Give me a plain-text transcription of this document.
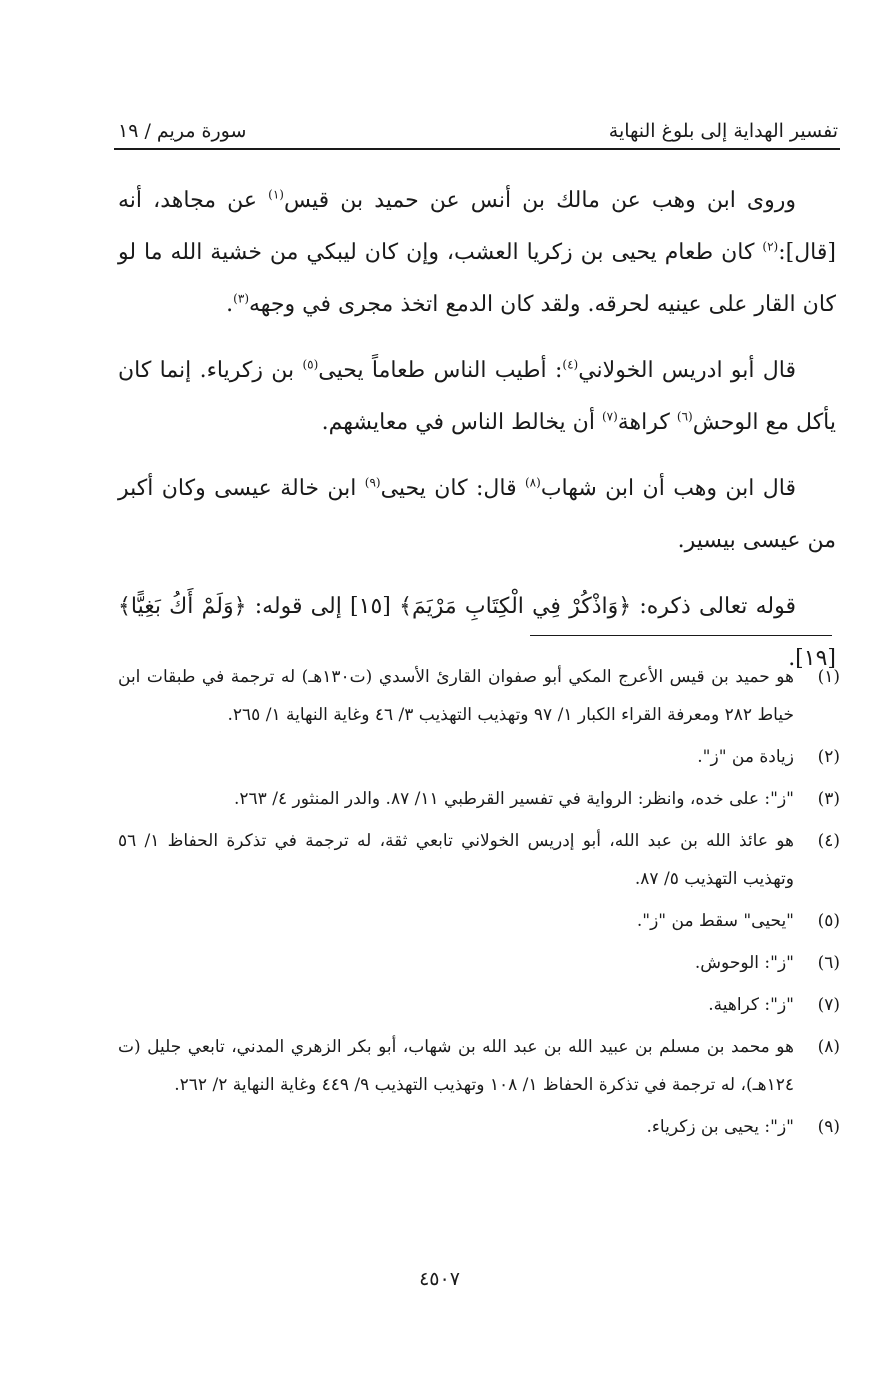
تفسير الهداية إلى بلوغ النهاية
سورة مريم / ١٩

وروى ابن وهب عن مالك بن أنس عن حميد بن قيس$^{(١)}$ عن مجاهد، أنه [قال]:$^{(٢)}$ كان طعام يحيى بن زكريا العشب، وإن كان ليبكي من خشية الله ما لو كان القار على عينيه لحرقه. ولقد كان الدمع اتخذ مجرى في وجهه$^{(٣)}$.

قال أبو ادريس الخولاني$^{(٤)}$: أطيب الناس طعاماً يحيى$^{(٥)}$ بن زكرياء. إنما كان يأكل مع الوحش$^{(٦)}$ كراهة$^{(٧)}$ أن يخالط الناس في معايشهم.

قال ابن وهب أن ابن شهاب$^{(٨)}$ قال: كان يحيى$^{(٩)}$ ابن خالة عيسى وكان أكبر من عيسى بيسير.

قوله تعالى ذكره: ﴿وَاذْكُرْ فِي الْكِتَابِ مَرْيَمَ﴾ [١٥] إلى قوله: ﴿وَلَمْ أَكُ بَغِيًّا﴾[١٩].

(١)
هو حميد بن قيس الأعرج المكي أبو صفوان القارئ الأسدي (ت١٣٠هـ) له ترجمة في طبقات ابن خياط ٢٨٢ ومعرفة القراء الكبار ١/ ٩٧ وتهذيب التهذيب ٣/ ٤٦ وغاية النهاية ١/ ٢٦٥.
(٢)
زيادة من "ز".
(٣)
"ز": على خده، وانظر: الرواية في تفسير القرطبي ١١/ ٨٧. والدر المنثور ٤/ ٢٦٣.
(٤)
هو عائذ الله بن عبد الله، أبو إدريس الخولاني تابعي ثقة، له ترجمة في تذكرة الحفاظ ١/ ٥٦ وتهذيب التهذيب ٥/ ٨٧.
(٥)
"يحيى" سقط من "ز".
(٦)
"ز": الوحوش.
(٧)
"ز": كراهية.
(٨)
هو محمد بن مسلم بن عبيد الله بن عبد الله بن شهاب، أبو بكر الزهري المدني، تابعي جليل (ت ١٢٤هـ)، له ترجمة في تذكرة الحفاظ ١/ ١٠٨ وتهذيب التهذيب ٩/ ٤٤٩ وغاية النهاية ٢/ ٢٦٢.
(٩)
"ز": يحيى بن زكرياء.
٤٥٠٧
